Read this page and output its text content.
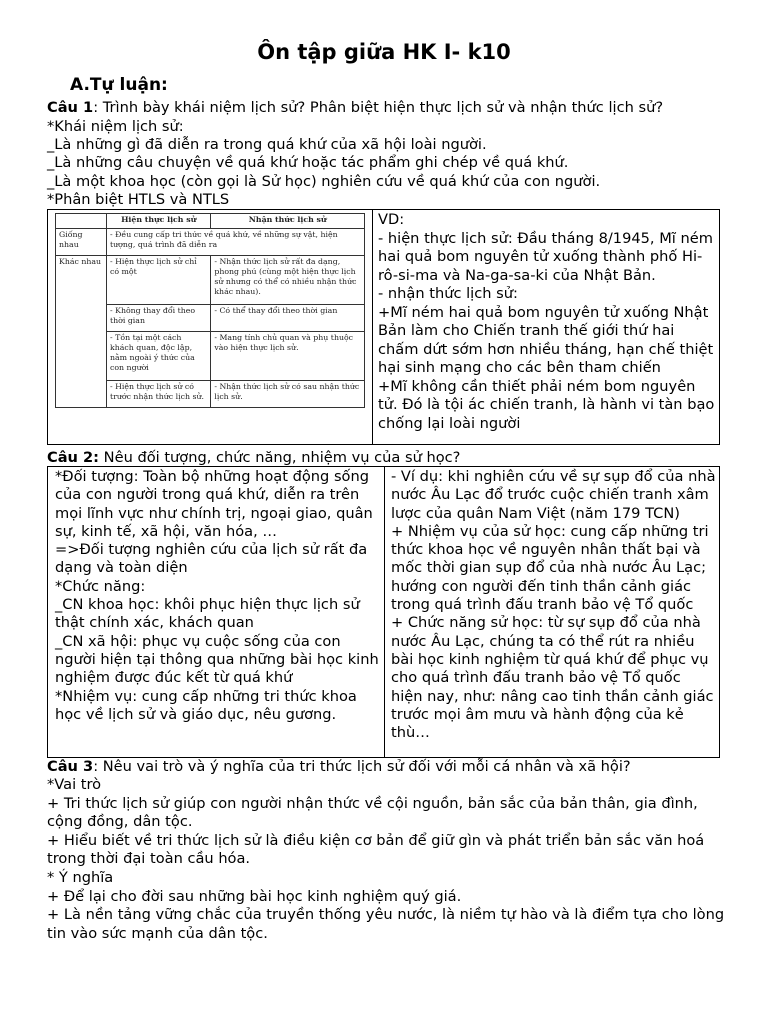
Ôn tập giữa HK I- k10
A.Tự luận:
Câu 1: Trình bày khái niệm lịch sử? Phân biệt hiện thực lịch sử và nhận thức lịch sử?
*Khái niệm lịch sử:
_Là những gì đã diễn ra trong quá khứ của xã hội loài người.
_Là những câu chuyện về quá khứ hoặc tác phẩm ghi chép về quá khứ.
_Là một khoa học (còn gọi là Sử học) nghiên cứu về quá khứ của con người.
*Phân biệt HTLS và NTLS
	Hiện thực lịch sử	Nhận thức lịch sử
Giống nhau	- Đều cung cấp tri thức về quá khứ, về những sự vật, hiện tượng, quá trình đã diễn ra	
Khác nhau	- Hiện thực lịch sử chỉ có một	- Nhận thức lịch sử rất đa dạng, phong phú (cùng một hiện thực lịch sử nhưng có thể có nhiều nhận thức khác nhau).
	- Không thay đổi theo thời gian	- Có thể thay đổi theo thời gian
	- Tồn tại một cách khách quan, độc lập, nằm ngoài ý thức của con người	- Mang tính chủ quan và phụ thuộc vào hiện thực lịch sử.
	- Hiện thực lịch sử có trước nhận thức lịch sử.	- Nhận thức lịch sử có sau nhận thức lịch sử.

VD:

- hiện thực lịch sử: Đầu tháng 8/1945, Mĩ ném hai quả bom nguyên tử xuống thành phố Hi-rô-si-ma và Na-ga-sa-ki của Nhật Bản.

- nhận thức lịch sử:

+Mĩ ném hai quả bom nguyên tử xuống Nhật Bản làm cho Chiến tranh thế giới thứ hai chấm dứt sớm hơn nhiều tháng, hạn chế thiệt hại sinh mạng cho các bên tham chiến

+Mĩ không cần thiết phải ném bom nguyên tử. Đó là tội ác chiến tranh, là hành vi tàn bạo chống lại loài người

Câu 2: Nêu đối tượng, chức năng, nhiệm vụ của sử học?

*Đối tượng: Toàn bộ những hoạt động sống của con người trong quá khứ, diễn ra trên mọi lĩnh vực như chính trị, ngoại giao, quân sự, kinh tế, xã hội, văn hóa, …

=>Đối tượng nghiên cứu của lịch sử rất đa dạng và toàn diện

*Chức năng:

_CN khoa học: khôi phục hiện thực lịch sử thật chính xác, khách quan

_CN xã hội: phục vụ cuộc sống của con người hiện tại thông qua những bài học kinh nghiệm được đúc kết từ quá khứ

*Nhiệm vụ: cung cấp những tri thức khoa học về lịch sử và giáo dục, nêu gương.

- Ví dụ: khi nghiên cứu về sự sụp đổ của nhà nước Âu Lạc đổ trước cuộc chiến tranh xâm lược của quân Nam Việt (năm 179 TCN)

+ Nhiệm vụ của sử học: cung cấp những tri thức khoa học về nguyên nhân thất bại và mốc thời gian sụp đổ của nhà nước Âu Lạc; hướng con người đến tinh thần cảnh giác trong quá trình đấu tranh bảo vệ Tổ quốc

+ Chức năng sử học: từ sự sụp đổ của nhà nước Âu Lạc, chúng ta có thể rút ra nhiều bài học kinh nghiệm từ quá khứ để phục vụ cho quá trình đấu tranh bảo vệ Tổ quốc hiện nay, như: nâng cao tinh thần cảnh giác trước mọi âm mưu và hành động của kẻ thù…

Câu 3: Nêu vai trò và ý nghĩa của tri thức lịch sử đối với mỗi cá nhân và xã hội?

*Vai trò

+ Tri thức lịch sử giúp con người nhận thức về cội nguồn, bản sắc của bản thân, gia đình, cộng đồng, dân tộc.

+ Hiểu biết về tri thức lịch sử là điều kiện cơ bản để giữ gìn và phát triển bản sắc văn hoá trong thời đại toàn cầu hóa.

* Ý nghĩa

+ Để lại cho đời sau những bài học kinh nghiệm quý giá.

+ Là nền tảng vững chắc của truyền thống yêu nước, là niềm tự hào và là điểm tựa cho lòng tin vào sức mạnh của dân tộc.
